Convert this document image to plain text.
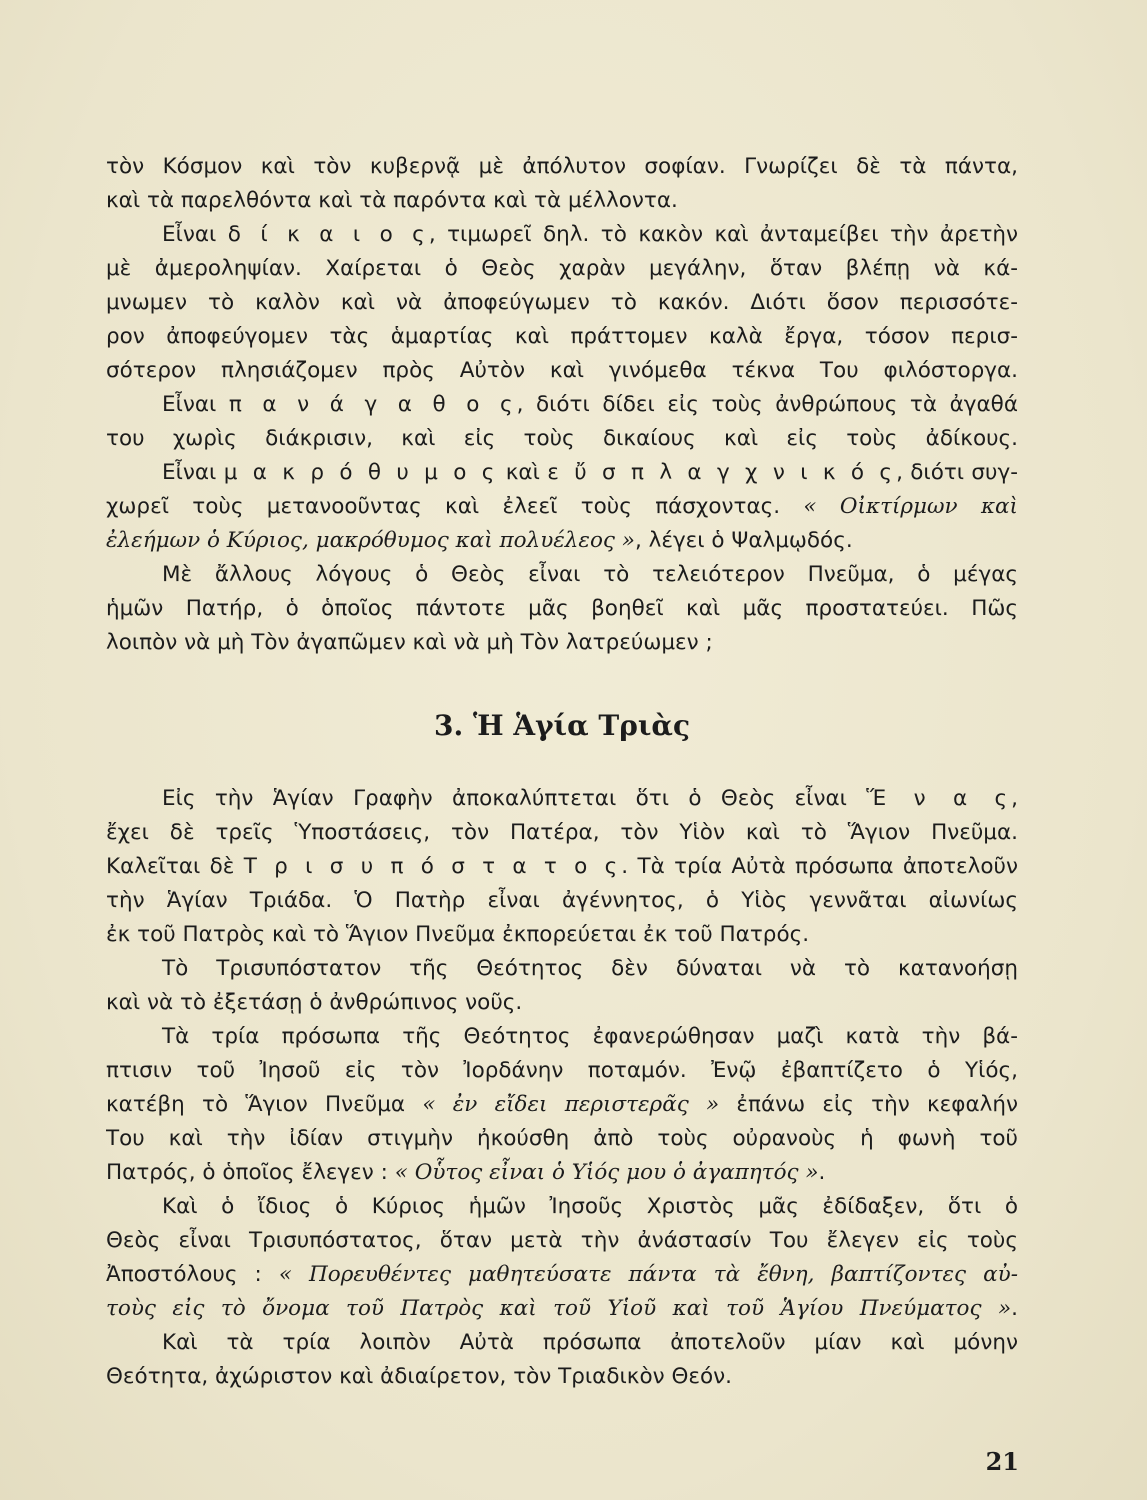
τὸν Κόσμον καὶ τὸν κυβερνᾷ μὲ ἀπόλυτον σοφίαν. Γνωρίζει δὲ τὰ πάντα,

καὶ τὰ παρελθόντα καὶ τὰ παρόντα καὶ τὰ μέλλοντα.

Εἶναι δ ί κ α ι ο ς, τιμωρεῖ δηλ. τὸ κακὸν καὶ ἀνταμείβει τὴν ἀρετὴν

μὲ ἀμεροληψίαν. Χαίρεται ὁ Θεὸς χαρὰν μεγάλην, ὅταν βλέπῃ νὰ κά-

μνωμεν τὸ καλὸν καὶ νὰ ἀποφεύγωμεν τὸ κακόν. Διότι ὅσον περισσότε-

ρον ἀποφεύγομεν τὰς ἁμαρτίας καὶ πράττομεν καλὰ ἔργα, τόσον περισ-

σότερον πλησιάζομεν πρὸς Αὐτὸν καὶ γινόμεθα τέκνα Του φιλόστοργα.

Εἶναι π α ν ά γ α θ ο ς, διότι δίδει εἰς τοὺς ἀνθρώπους τὰ ἀγαθά

του χωρὶς διάκρισιν, καὶ εἰς τοὺς δικαίους καὶ εἰς τοὺς ἀδίκους.

Εἶναι μ α κ ρ ό θ υ μ ο ς καὶ ε ὔ σ π λ α γ χ ν ι κ ό ς, διότι συγ-

χωρεῖ τοὺς μετανοοῦντας καὶ ἐλεεῖ τοὺς πάσχοντας. « Οἰκτίρμων καὶ

ἐλεήμων ὁ Κύριος, μακρόθυμος καὶ πολυέλεος », λέγει ὁ Ψαλμῳδός.

Μὲ ἄλλους λόγους ὁ Θεὸς εἶναι τὸ τελειότερον Πνεῦμα, ὁ μέγας

ἡμῶν Πατήρ, ὁ ὁποῖος πάντοτε μᾶς βοηθεῖ καὶ μᾶς προστατεύει. Πῶς

λοιπὸν νὰ μὴ Τὸν ἀγαπῶμεν καὶ νὰ μὴ Τὸν λατρεύωμεν ;

3. Ἡ Ἁγία Τριὰς

Εἰς τὴν Ἁγίαν Γραφὴν ἀποκαλύπτεται ὅτι ὁ Θεὸς εἶναι Ἕ ν α ς,

ἔχει δὲ τρεῖς Ὑποστάσεις, τὸν Πατέρα, τὸν Υἱὸν καὶ τὸ Ἅγιον Πνεῦμα.

Καλεῖται δὲ Τ ρ ι σ υ π ό σ τ α τ ο ς. Τὰ τρία Αὐτὰ πρόσωπα ἀποτελοῦν

τὴν Ἁγίαν Τριάδα. Ὁ Πατὴρ εἶναι ἀγέννητος, ὁ Υἱὸς γεννᾶται αἰωνίως

ἐκ τοῦ Πατρὸς καὶ τὸ Ἅγιον Πνεῦμα ἐκπορεύεται ἐκ τοῦ Πατρός.

Τὸ Τρισυπόστατον τῆς Θεότητος δὲν δύναται νὰ τὸ κατανοήσῃ

καὶ νὰ τὸ ἐξετάσῃ ὁ ἀνθρώπινος νοῦς.

Τὰ τρία πρόσωπα τῆς Θεότητος ἐφανερώθησαν μαζὶ κατὰ τὴν βά-

πτισιν τοῦ Ἰησοῦ εἰς τὸν Ἰορδάνην ποταμόν. Ἐνῷ ἐβαπτίζετο ὁ Υἱός,

κατέβη τὸ Ἅγιον Πνεῦμα « ἐν εἴδει περιστερᾶς » ἐπάνω εἰς τὴν κεφαλήν

Του καὶ τὴν ἰδίαν στιγμὴν ἠκούσθη ἀπὸ τοὺς οὐρανοὺς ἡ φωνὴ τοῦ

Πατρός, ὁ ὁποῖος ἔλεγεν : « Οὗτος εἶναι ὁ Υἱός μου ὁ ἀγαπητός ».

Καὶ ὁ ἴδιος ὁ Κύριος ἡμῶν Ἰησοῦς Χριστὸς μᾶς ἐδίδαξεν, ὅτι ὁ

Θεὸς εἶναι Τρισυπόστατος, ὅταν μετὰ τὴν ἀνάστασίν Του ἔλεγεν εἰς τοὺς

Ἀποστόλους : « Πορευθέντες μαθητεύσατε πάντα τὰ ἔθνη, βαπτίζοντες αὐ-

τοὺς εἰς τὸ ὄνομα τοῦ Πατρὸς καὶ τοῦ Υἱοῦ καὶ τοῦ Ἁγίου Πνεύματος ».

Καὶ τὰ τρία λοιπὸν Αὐτὰ πρόσωπα ἀποτελοῦν μίαν καὶ μόνην

Θεότητα, ἀχώριστον καὶ ἀδιαίρετον, τὸν Τριαδικὸν Θεόν.

21
